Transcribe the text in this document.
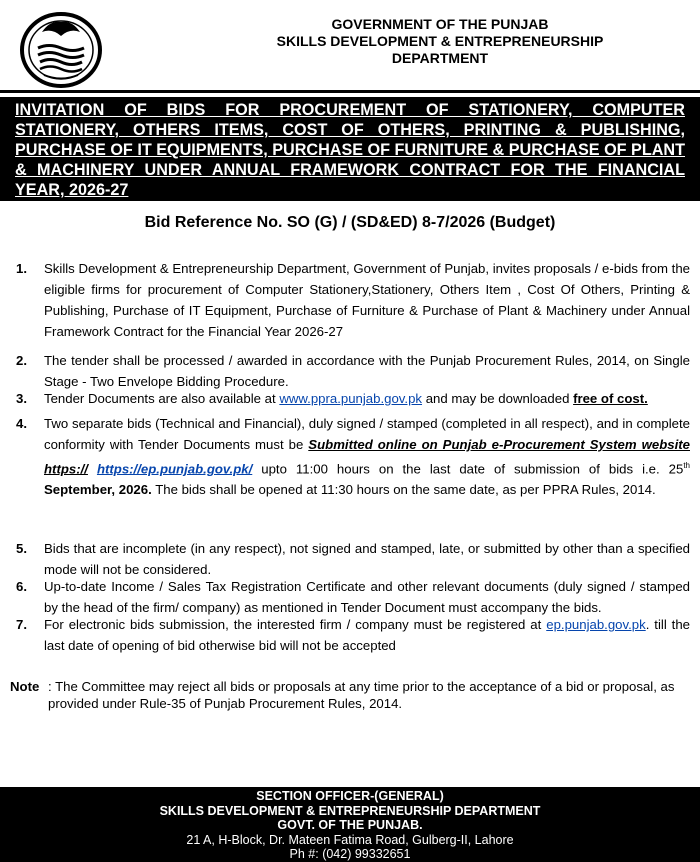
GOVERNMENT OF THE PUNJAB
SKILLS DEVELOPMENT & ENTREPRENEURSHIP
DEPARTMENT
INVITATION OF BIDS FOR PROCUREMENT OF STATIONERY, COMPUTER STATIONERY, OTHERS ITEMS, COST OF OTHERS, PRINTING & PUBLISHING, PURCHASE OF IT EQUIPMENTS, PURCHASE OF FURNITURE & PURCHASE OF PLANT & MACHINERY UNDER ANNUAL FRAMEWORK CONTRACT FOR THE FINANCIAL YEAR, 2026-27
Bid Reference No. SO (G) / (SD&ED) 8-7/2026 (Budget)
1. Skills Development & Entrepreneurship Department, Government of Punjab, invites proposals / e-bids from the eligible firms for procurement of Computer Stationery,Stationery, Others Item , Cost Of Others, Printing & Publishing, Purchase of IT Equipment, Purchase of Furniture & Purchase of Plant & Machinery under Annual Framework Contract for the Financial Year 2026-27
2. The tender shall be processed / awarded in accordance with the Punjab Procurement Rules, 2014, on Single Stage - Two Envelope Bidding Procedure.
3. Tender Documents are also available at www.ppra.punjab.gov.pk and may be downloaded free of cost.
4. Two separate bids (Technical and Financial), duly signed / stamped (completed in all respect), and in complete conformity with Tender Documents must be Submitted online on Punjab e-Procurement System website https:// https://ep.punjab.gov.pk/ upto 11:00 hours on the last date of submission of bids i.e. 25th September, 2026. The bids shall be opened at 11:30 hours on the same date, as per PPRA Rules, 2014.
5. Bids that are incomplete (in any respect), not signed and stamped, late, or submitted by other than a specified mode will not be considered.
6. Up-to-date Income / Sales Tax Registration Certificate and other relevant documents (duly signed / stamped by the head of the firm/ company) as mentioned in Tender Document must accompany the bids.
7. For electronic bids submission, the interested firm / company must be registered at ep.punjab.gov.pk. till the last date of opening of bid otherwise bid will not be accepted
Note : The Committee may reject all bids or proposals at any time prior to the acceptance of a bid or proposal, as provided under Rule-35 of Punjab Procurement Rules, 2014.
SECTION OFFICER-(GENERAL)
SKILLS DEVELOPMENT & ENTREPRENEURSHIP DEPARTMENT
GOVT. OF THE PUNJAB.
21 A, H-Block, Dr. Mateen Fatima Road, Gulberg-II, Lahore
Ph #: (042) 99332651
